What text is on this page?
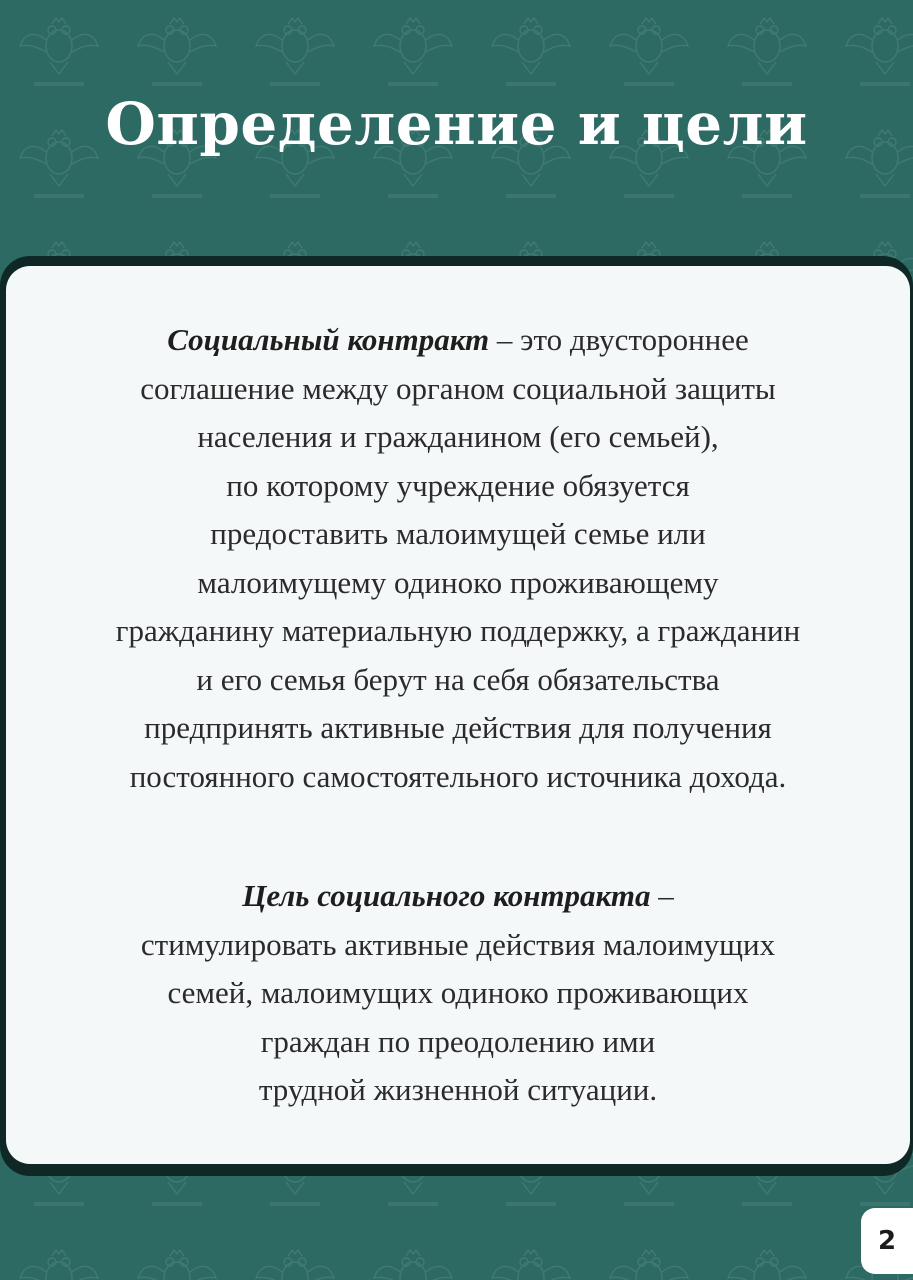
Определение и цели

Социальный контракт – это двустороннее
соглашение между органом социальной защиты
населения и гражданином (его семьей),
по которому учреждение обязуется
предоставить малоимущей семье или
малоимущему одиноко проживающему
гражданину материальную поддержку, а гражданин
и его семья берут на себя обязательства
предпринять активные действия для получения
постоянного самостоятельного источника дохода.

Цель социального контракта –
стимулировать активные действия малоимущих
семей, малоимущих одиноко проживающих
граждан по преодолению ими
трудной жизненной ситуации.

2
